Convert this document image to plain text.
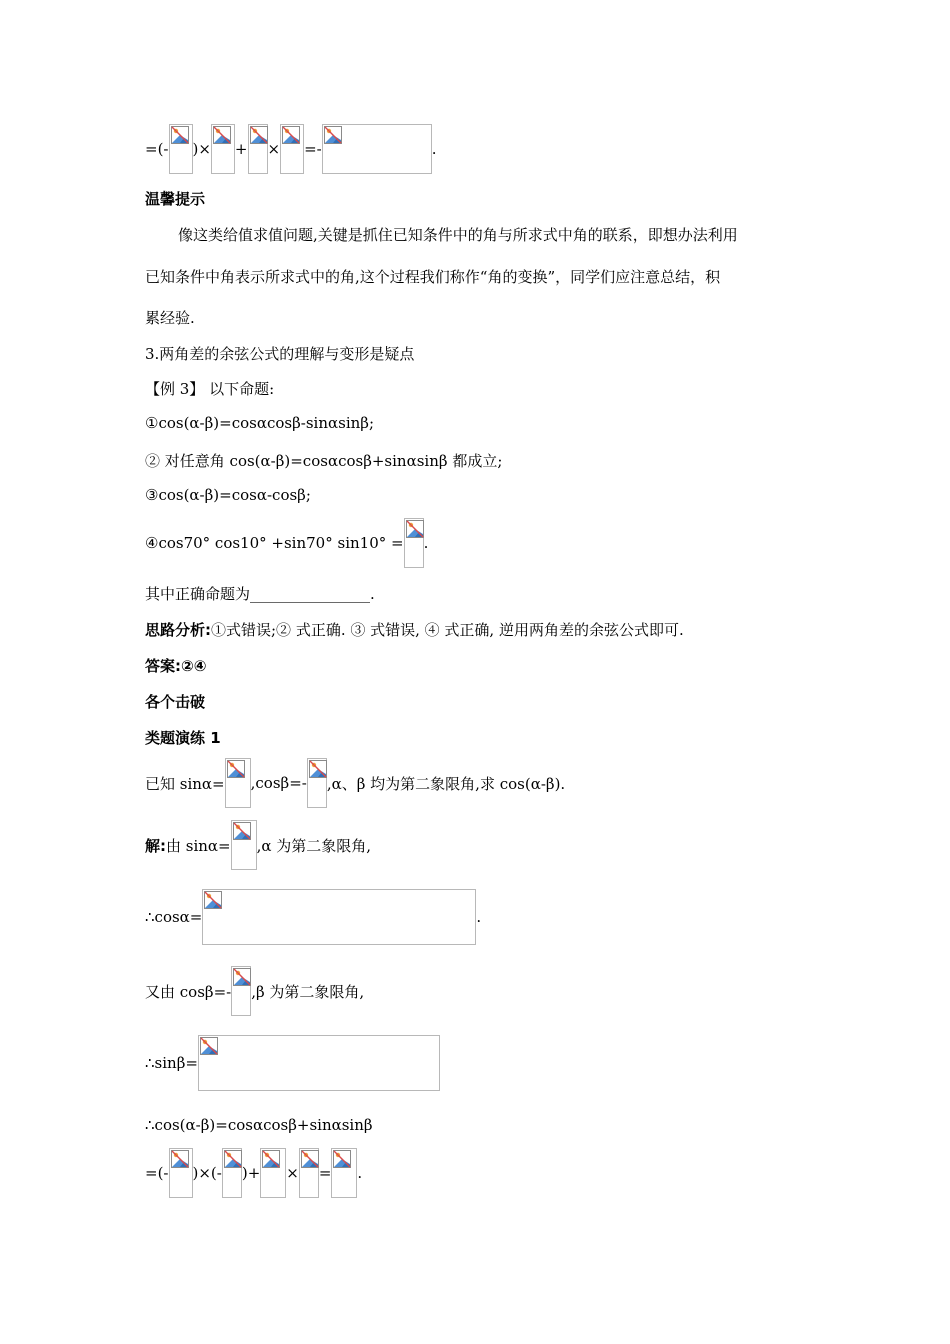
=(- )× + × =-	.
温馨提示
像这类给值求值问题,关键是抓住已知条件中的角与所求式中角的联系，即想办法利用
已知条件中角表示所求式中的角,这个过程我们称作“角的变换”，同学们应注意总结，积
累经验.
3.两角差的余弦公式的理解与变形是疑点
【例 3】 以下命题:
①cos(α-β)=cosαcosβ-sinαsinβ;
② 对任意角 cos(α-β)=cosαcosβ+sinαsinβ 都成立;
③cos(α-β)=cosα-cosβ;
④cos70° cos10° +sin70° sin10° = .
其中正确命题为________________.
思路分析: ①式错误;② 式正确. ③ 式错误, ④ 式正确, 逆用两角差的余弦公式即可.
答案: ②④
各个击破
类题演练 1
已知 sinα= ,cosβ=- ,α、β 均为第二象限角,求 cos(α-β).
解: 由 sinα= ,α 为第二象限角,
∴cosα=	.
又由 cosβ=- ,β 为第二象限角,
∴sinβ=
∴cos(α-β)=cosαcosβ+sinαsinβ
=(- )×(- )+ × = .
